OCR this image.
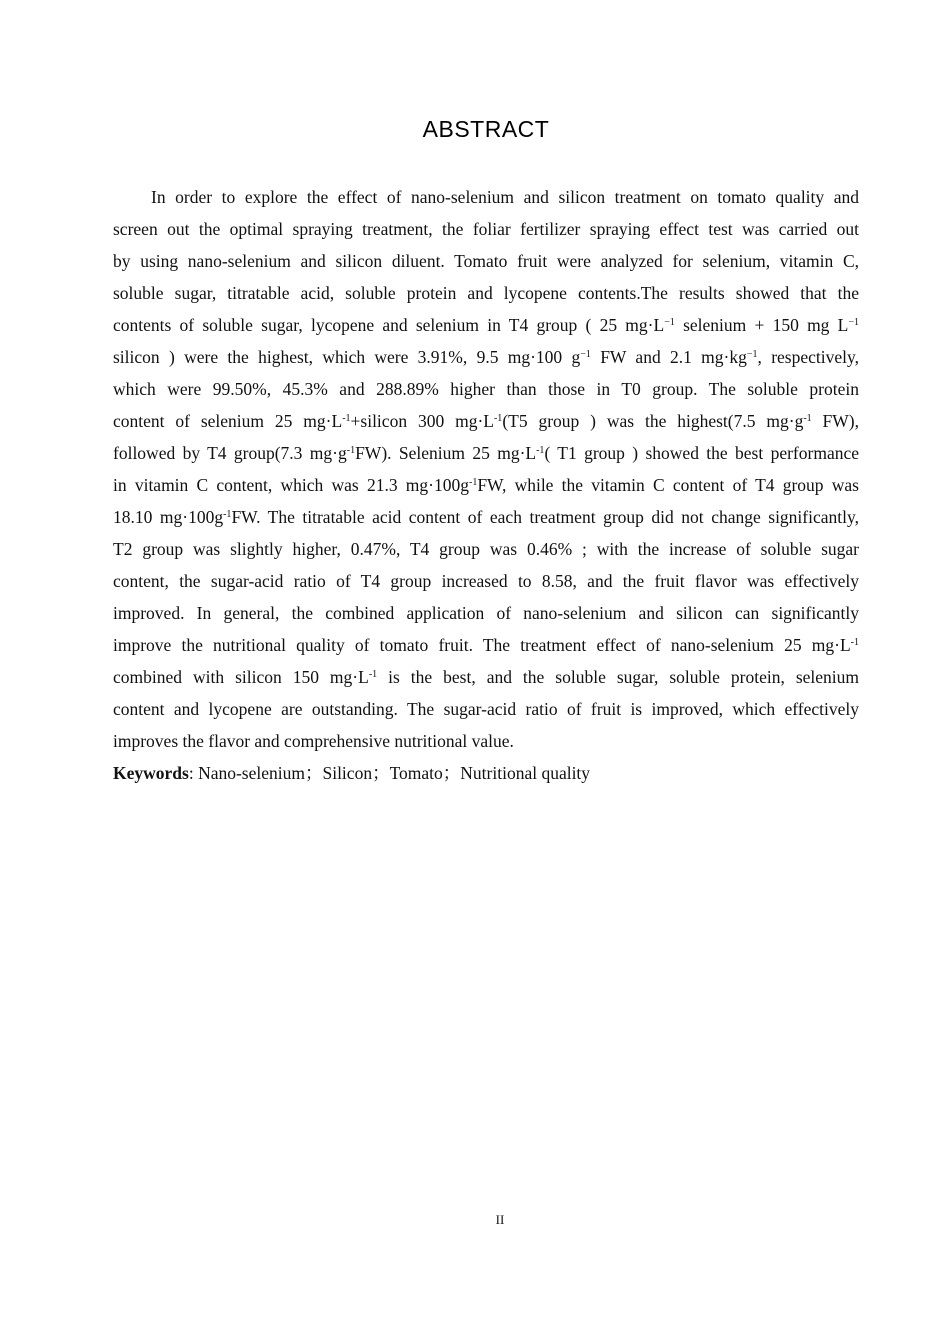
ABSTRACT
In order to explore the effect of nano-selenium and silicon treatment on tomato quality and
screen out the optimal spraying treatment, the foliar fertilizer spraying effect test was carried out
by using nano-selenium and silicon diluent. Tomato fruit were analyzed for selenium, vitamin C,
soluble sugar, titratable acid, soluble protein and lycopene contents.The results showed that the
contents of soluble sugar, lycopene and selenium in T4 group ( 25 $mg\cdot L^{-1}$ selenium + 150 mg $L^{-1}$
silicon ) were the highest, which were 3.91%, 9.5 mg·100 $g^{-1}$ FW and 2.1 $mg\cdot kg^{-1}$, respectively,
which were 99.50%, 45.3% and 288.89% higher than those in T0 group. The soluble protein
content of selenium 25 $mg\cdot L^{-1}+silicon$ 300 $mg\cdot L^{-1}(T5$ group ) was the highest(7.5 $mg\cdot g^{-1}$ FW),
followed by T4 group(7.3 $mg\cdot g^{-1}FW$). Selenium 25 $mg\cdot L^{-1}$( T1 group ) showed the best performance
in vitamin C content, which was 21.3 $mg\cdot 100g^{-1}FW$, while the vitamin C content of T4 group was
18.10 $mg\cdot 100g^{-1}FW$. The titratable acid content of each treatment group did not change significantly,
T2 group was slightly higher, 0.47%, T4 group was 0.46% ; with the increase of soluble sugar
content, the sugar-acid ratio of T4 group increased to 8.58, and the fruit flavor was effectively
improved. In general, the combined application of nano-selenium and silicon can significantly
improve the nutritional quality of tomato fruit. The treatment effect of nano-selenium 25 $mg\cdot L^{-1}$
combined with silicon 150 $mg\cdot L^{-1}$ is the best, and the soluble sugar, soluble protein, selenium
content and lycopene are outstanding. The sugar-acid ratio of fruit is improved, which effectively
improves the flavor and comprehensive nutritional value.
Keywords: Nano-selenium；Silicon；Tomato；Nutritional quality
II
